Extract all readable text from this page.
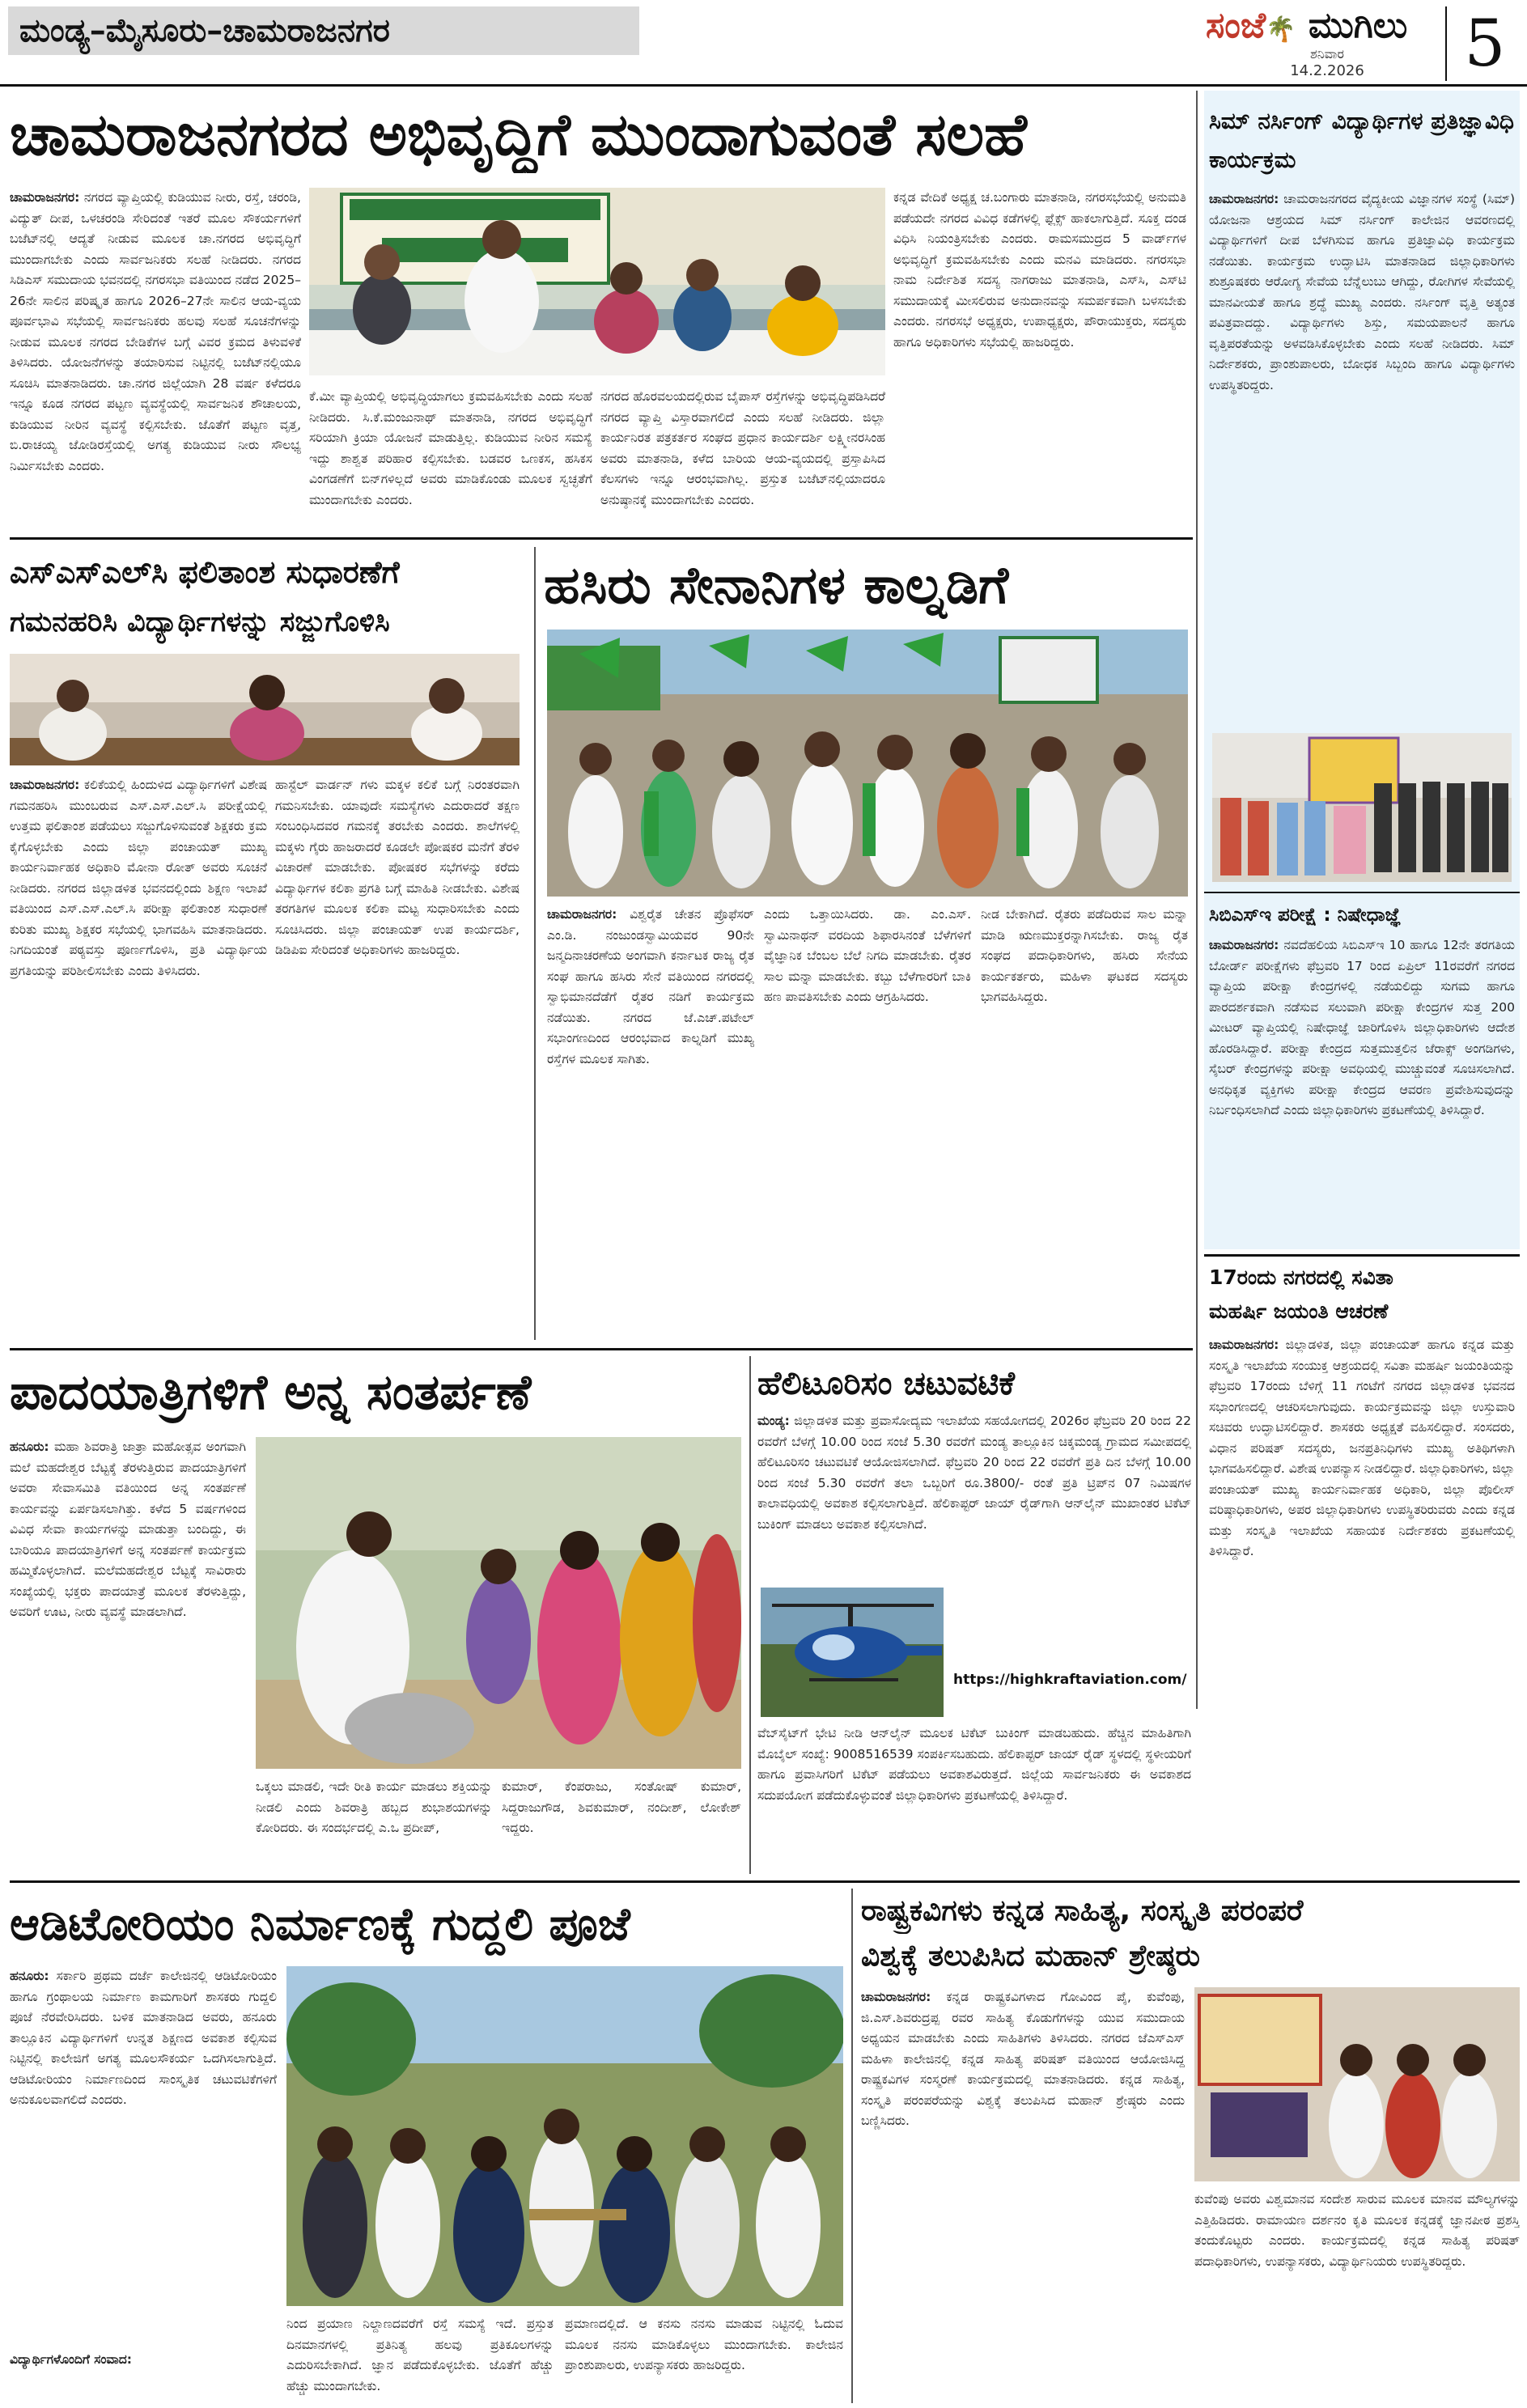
ಮಂಡ್ಯ–ಮೈಸೂರು–ಚಾಮರಾಜನಗರ	ಸಂಜೆ🌴 ಮುಗಿಲು
ಶನಿವಾರ
14.2.2026	5
ಚಾಮರಾಜನಗರದ ಅಭಿವೃದ್ಧಿಗೆ ಮುಂದಾಗುವಂತೆ ಸಲಹೆ
ಚಾಮರಾಜನಗರ: ನಗರದ ವ್ಯಾಪ್ತಿಯಲ್ಲಿ ಕುಡಿಯುವ ನೀರು, ರಸ್ತೆ, ಚರಂಡಿ, ವಿದ್ಯುತ್ ದೀಪ, ಒಳಚರಂಡಿ ಸೇರಿದಂತೆ ಇತರೆ ಮೂಲ ಸೌಕರ್ಯಗಳಿಗೆ ಬಜೆಟ್‌ನಲ್ಲಿ ಆದ್ಯತೆ ನೀಡುವ ಮೂಲಕ ಚಾ.ನಗರದ ಅಭಿವೃದ್ಧಿಗೆ ಮುಂದಾಗಬೇಕು ಎಂದು ಸಾರ್ವಜನಿಕರು ಸಲಹೆ ನೀಡಿದರು. ನಗರದ ಸಿಡಿಎಸ್ ಸಮುದಾಯ ಭವನದಲ್ಲಿ ನಗರಸಭಾ ವತಿಯಿಂದ ನಡೆದ 2025–26ನೇ ಸಾಲಿನ ಪರಿಷ್ಕೃತ ಹಾಗೂ 2026–27ನೇ ಸಾಲಿನ ಆಯ-ವ್ಯಯ ಪೂರ್ವಭಾವಿ ಸಭೆಯಲ್ಲಿ ಸಾರ್ವಜನಿಕರು ಹಲವು ಸಲಹೆ ಸೂಚನೆಗಳನ್ನು ನೀಡುವ ಮೂಲಕ ನಗರದ ಬೇಡಿಕೆಗಳ ಬಗ್ಗೆ ವಿವರ ಕ್ರಮದ ತಿಳುವಳಿಕೆ ತಿಳಿಸಿದರು. ಯೋಜನೆಗಳನ್ನು ತಯಾರಿಸುವ ನಿಟ್ಟಿನಲ್ಲಿ ಬಜೆಟ್‌ನಲ್ಲಿಯೂ ಸೂಚಿಸಿ ಮಾತನಾಡಿದರು. ಚಾ.ನಗರ ಜಿಲ್ಲೆಯಾಗಿ 28 ವರ್ಷ ಕಳೆದರೂ ಇನ್ನೂ ಕೂಡ ನಗರದ ಪಟ್ಟಣ ವ್ಯವಸ್ಥೆಯಲ್ಲಿ ಸಾರ್ವಜನಿಕ ಶೌಚಾಲಯ, ಕುಡಿಯುವ ನೀರಿನ ವ್ಯವಸ್ಥೆ ಕಲ್ಪಿಸಬೇಕು. ಜೊತೆಗೆ ಪಟ್ಟಣ ವೃತ್ತ, ಬಿ.ರಾಚಯ್ಯ ಜೋಡಿರಸ್ತೆಯಲ್ಲಿ ಅಗತ್ಯ ಕುಡಿಯುವ ನೀರು ಸೌಲಭ್ಯ ನಿರ್ಮಿಸಬೇಕು ಎಂದರು.
ಕೆ.ಮೀ ವ್ಯಾಪ್ತಿಯಲ್ಲಿ ಅಭಿವೃದ್ಧಿಯಾಗಲು ಕ್ರಮವಹಿಸಬೇಕು ಎಂದು ಸಲಹೆ ನೀಡಿದರು. ಸಿ.ಕೆ.ಮಂಜುನಾಥ್ ಮಾತನಾಡಿ, ನಗರದ ಅಭಿವೃದ್ಧಿಗೆ ಸರಿಯಾಗಿ ಕ್ರಿಯಾ ಯೋಜನೆ ಮಾಡುತ್ತಿಲ್ಲ. ಕುಡಿಯುವ ನೀರಿನ ಸಮಸ್ಯೆ ಇದ್ದು ಶಾಶ್ವತ ಪರಿಹಾರ ಕಲ್ಪಿಸಬೇಕು. ಬಡವರ ಒಣಕಸ, ಹಸಿಕಸ ವಿಂಗಡಣೆಗೆ ಬಿನ್‌ಗಳಿಲ್ಲದೆ ಅವರು ಮಾಡಿಕೊಂಡು ಮೂಲಕ ಸ್ವಚ್ಛತೆಗೆ ಮುಂದಾಗಬೇಕು ಎಂದರು.
ನಗರದ ಹೊರವಲಯದಲ್ಲಿರುವ ಬೈಪಾಸ್ ರಸ್ತೆಗಳನ್ನು ಅಭಿವೃದ್ಧಿಪಡಿಸಿದರೆ ನಗರದ ವ್ಯಾಪ್ತಿ ವಿಸ್ತಾರವಾಗಲಿದೆ ಎಂದು ಸಲಹೆ ನೀಡಿದರು. ಜಿಲ್ಲಾ ಕಾರ್ಯನಿರತ ಪತ್ರಕರ್ತರ ಸಂಘದ ಪ್ರಧಾನ ಕಾರ್ಯದರ್ಶಿ ಲಕ್ಷ್ಮೀನರಸಿಂಹ ಅವರು ಮಾತನಾಡಿ, ಕಳೆದ ಬಾರಿಯ ಆಯ-ವ್ಯಯದಲ್ಲಿ ಪ್ರಸ್ತಾಪಿಸಿದ ಕೆಲಸಗಳು ಇನ್ನೂ ಆರಂಭವಾಗಿಲ್ಲ. ಪ್ರಸ್ತುತ ಬಜೆಟ್‌ನಲ್ಲಿಯಾದರೂ ಅನುಷ್ಠಾನಕ್ಕೆ ಮುಂದಾಗಬೇಕು ಎಂದರು.
ಕನ್ನಡ ವೇದಿಕೆ ಅಧ್ಯಕ್ಷ ಚ.ಬಂಗಾರು ಮಾತನಾಡಿ, ನಗರಸಭೆಯಲ್ಲಿ ಅನುಮತಿ ಪಡೆಯದೇ ನಗರದ ವಿವಿಧ ಕಡೆಗಳಲ್ಲಿ ಫ್ಲೆಕ್ಸ್ ಹಾಕಲಾಗುತ್ತಿದೆ. ಸೂಕ್ತ ದಂಡ ವಿಧಿಸಿ ನಿಯಂತ್ರಿಸಬೇಕು ಎಂದರು. ರಾಮಸಮುದ್ರದ 5 ವಾರ್ಡ್‌ಗಳ ಅಭಿವೃದ್ಧಿಗೆ ಕ್ರಮವಹಿಸಬೇಕು ಎಂದು ಮನವಿ ಮಾಡಿದರು. ನಗರಸಭಾ ನಾಮ ನಿರ್ದೇಶಿತ ಸದಸ್ಯ ನಾಗರಾಜು ಮಾತನಾಡಿ, ಎಸ್‌ಸಿ, ಎಸ್‌ಟಿ ಸಮುದಾಯಕ್ಕೆ ಮೀಸಲಿರುವ ಅನುದಾನವನ್ನು ಸಮರ್ಪಕವಾಗಿ ಬಳಸಬೇಕು ಎಂದರು. ನಗರಸಭೆ ಅಧ್ಯಕ್ಷರು, ಉಪಾಧ್ಯಕ್ಷರು, ಪೌರಾಯುಕ್ತರು, ಸದಸ್ಯರು ಹಾಗೂ ಅಧಿಕಾರಿಗಳು ಸಭೆಯಲ್ಲಿ ಹಾಜರಿದ್ದರು.
ಸಿಮ್ ನರ್ಸಿಂಗ್ ವಿದ್ಯಾರ್ಥಿಗಳ ಪ್ರತಿಜ್ಞಾವಿಧಿ ಕಾರ್ಯಕ್ರಮ
ಚಾಮರಾಜನಗರ: ಚಾಮರಾಜನಗರದ ವೈದ್ಯಕೀಯ ವಿಜ್ಞಾನಗಳ ಸಂಸ್ಥೆ (ಸಿಮ್) ಯೋಜನಾ ಆಶ್ರಯದ ಸಿಮ್ ನರ್ಸಿಂಗ್ ಕಾಲೇಜಿನ ಆವರಣದಲ್ಲಿ ವಿದ್ಯಾರ್ಥಿಗಳಿಗೆ ದೀಪ ಬೆಳಗಿಸುವ ಹಾಗೂ ಪ್ರತಿಜ್ಞಾವಿಧಿ ಕಾರ್ಯಕ್ರಮ ನಡೆಯಿತು. ಕಾರ್ಯಕ್ರಮ ಉದ್ಘಾಟಿಸಿ ಮಾತನಾಡಿದ ಜಿಲ್ಲಾಧಿಕಾರಿಗಳು ಶುಶ್ರೂಷಕರು ಆರೋಗ್ಯ ಸೇವೆಯ ಬೆನ್ನೆಲುಬು ಆಗಿದ್ದು, ರೋಗಿಗಳ ಸೇವೆಯಲ್ಲಿ ಮಾನವೀಯತೆ ಹಾಗೂ ಶ್ರದ್ಧೆ ಮುಖ್ಯ ಎಂದರು. ನರ್ಸಿಂಗ್ ವೃತ್ತಿ ಅತ್ಯಂತ ಪವಿತ್ರವಾದದ್ದು. ವಿದ್ಯಾರ್ಥಿಗಳು ಶಿಸ್ತು, ಸಮಯಪಾಲನೆ ಹಾಗೂ ವೃತ್ತಿಪರತೆಯನ್ನು ಅಳವಡಿಸಿಕೊಳ್ಳಬೇಕು ಎಂದು ಸಲಹೆ ನೀಡಿದರು. ಸಿಮ್ ನಿರ್ದೇಶಕರು, ಪ್ರಾಂಶುಪಾಲರು, ಬೋಧಕ ಸಿಬ್ಬಂದಿ ಹಾಗೂ ವಿದ್ಯಾರ್ಥಿಗಳು ಉಪಸ್ಥಿತರಿದ್ದರು.
ಸಿಬಿಎಸ್‌ಇ ಪರೀಕ್ಷೆ : ನಿಷೇಧಾಜ್ಞೆ
ಚಾಮರಾಜನಗರ: ನವದೆಹಲಿಯ ಸಿಬಿಎಸ್‌ಇ 10 ಹಾಗೂ 12ನೇ ತರಗತಿಯ ಬೋರ್ಡ್ ಪರೀಕ್ಷೆಗಳು ಫೆಬ್ರವರಿ 17 ರಿಂದ ಏಪ್ರಿಲ್ 11ರವರೆಗೆ ನಗರದ ವ್ಯಾಪ್ತಿಯ ಪರೀಕ್ಷಾ ಕೇಂದ್ರಗಳಲ್ಲಿ ನಡೆಯಲಿದ್ದು ಸುಗಮ ಹಾಗೂ ಪಾರದರ್ಶಕವಾಗಿ ನಡೆಸುವ ಸಲುವಾಗಿ ಪರೀಕ್ಷಾ ಕೇಂದ್ರಗಳ ಸುತ್ತ 200 ಮೀಟರ್ ವ್ಯಾಪ್ತಿಯಲ್ಲಿ ನಿಷೇಧಾಜ್ಞೆ ಜಾರಿಗೊಳಿಸಿ ಜಿಲ್ಲಾಧಿಕಾರಿಗಳು ಆದೇಶ ಹೊರಡಿಸಿದ್ದಾರೆ. ಪರೀಕ್ಷಾ ಕೇಂದ್ರದ ಸುತ್ತಮುತ್ತಲಿನ ಜೆರಾಕ್ಸ್ ಅಂಗಡಿಗಳು, ಸೈಬರ್ ಕೇಂದ್ರಗಳನ್ನು ಪರೀಕ್ಷಾ ಅವಧಿಯಲ್ಲಿ ಮುಚ್ಚುವಂತೆ ಸೂಚಿಸಲಾಗಿದೆ. ಅನಧಿಕೃತ ವ್ಯಕ್ತಿಗಳು ಪರೀಕ್ಷಾ ಕೇಂದ್ರದ ಆವರಣ ಪ್ರವೇಶಿಸುವುದನ್ನು ನಿರ್ಬಂಧಿಸಲಾಗಿದೆ ಎಂದು ಜಿಲ್ಲಾಧಿಕಾರಿಗಳು ಪ್ರಕಟಣೆಯಲ್ಲಿ ತಿಳಿಸಿದ್ದಾರೆ.
17ರಂದು ನಗರದಲ್ಲಿ ಸವಿತಾ
ಮಹರ್ಷಿ ಜಯಂತಿ ಆಚರಣೆ
ಚಾಮರಾಜನಗರ: ಜಿಲ್ಲಾಡಳಿತ, ಜಿಲ್ಲಾ ಪಂಚಾಯತ್ ಹಾಗೂ ಕನ್ನಡ ಮತ್ತು ಸಂಸ್ಕೃತಿ ಇಲಾಖೆಯ ಸಂಯುಕ್ತ ಆಶ್ರಯದಲ್ಲಿ ಸವಿತಾ ಮಹರ್ಷಿ ಜಯಂತಿಯನ್ನು ಫೆಬ್ರವರಿ 17ರಂದು ಬೆಳಿಗ್ಗೆ 11 ಗಂಟೆಗೆ ನಗರದ ಜಿಲ್ಲಾಡಳಿತ ಭವನದ ಸಭಾಂಗಣದಲ್ಲಿ ಆಚರಿಸಲಾಗುವುದು. ಕಾರ್ಯಕ್ರಮವನ್ನು ಜಿಲ್ಲಾ ಉಸ್ತುವಾರಿ ಸಚಿವರು ಉದ್ಘಾಟಿಸಲಿದ್ದಾರೆ. ಶಾಸಕರು ಅಧ್ಯಕ್ಷತೆ ವಹಿಸಲಿದ್ದಾರೆ. ಸಂಸದರು, ವಿಧಾನ ಪರಿಷತ್ ಸದಸ್ಯರು, ಜನಪ್ರತಿನಿಧಿಗಳು ಮುಖ್ಯ ಅತಿಥಿಗಳಾಗಿ ಭಾಗವಹಿಸಲಿದ್ದಾರೆ. ವಿಶೇಷ ಉಪನ್ಯಾಸ ನೀಡಲಿದ್ದಾರೆ. ಜಿಲ್ಲಾಧಿಕಾರಿಗಳು, ಜಿಲ್ಲಾ ಪಂಚಾಯತ್ ಮುಖ್ಯ ಕಾರ್ಯನಿರ್ವಾಹಕ ಅಧಿಕಾರಿ, ಜಿಲ್ಲಾ ಪೊಲೀಸ್ ವರಿಷ್ಠಾಧಿಕಾರಿಗಳು, ಅಪರ ಜಿಲ್ಲಾಧಿಕಾರಿಗಳು ಉಪಸ್ಥಿತರಿರುವರು ಎಂದು ಕನ್ನಡ ಮತ್ತು ಸಂಸ್ಕೃತಿ ಇಲಾಖೆಯ ಸಹಾಯಕ ನಿರ್ದೇಶಕರು ಪ್ರಕಟಣೆಯಲ್ಲಿ ತಿಳಿಸಿದ್ದಾರೆ.
ಎಸ್‌ಎಸ್‌ಎಲ್‌ಸಿ ಫಲಿತಾಂಶ ಸುಧಾರಣೆಗೆ
ಗಮನಹರಿಸಿ ವಿದ್ಯಾರ್ಥಿಗಳನ್ನು ಸಜ್ಜುಗೊಳಿಸಿ
ಚಾಮರಾಜನಗರ: ಕಲಿಕೆಯಲ್ಲಿ ಹಿಂದುಳಿದ ವಿದ್ಯಾರ್ಥಿಗಳಿಗೆ ವಿಶೇಷ ಗಮನಹರಿಸಿ ಮುಂಬರುವ ಎಸ್.ಎಸ್.ಎಲ್.ಸಿ ಪರೀಕ್ಷೆಯಲ್ಲಿ ಉತ್ತಮ ಫಲಿತಾಂಶ ಪಡೆಯಲು ಸಜ್ಜುಗೊಳಿಸುವಂತೆ ಶಿಕ್ಷಕರು ಕ್ರಮ ಕೈಗೊಳ್ಳಬೇಕು ಎಂದು ಜಿಲ್ಲಾ ಪಂಚಾಯತ್ ಮುಖ್ಯ ಕಾರ್ಯನಿರ್ವಾಹಕ ಅಧಿಕಾರಿ ಮೋನಾ ರೋತ್ ಅವರು ಸೂಚನೆ ನೀಡಿದರು. ನಗರದ ಜಿಲ್ಲಾಡಳಿತ ಭವನದಲ್ಲಿಂದು ಶಿಕ್ಷಣ ಇಲಾಖೆ ವತಿಯಿಂದ ಎಸ್.ಎಸ್.ಎಲ್.ಸಿ ಪರೀಕ್ಷಾ ಫಲಿತಾಂಶ ಸುಧಾರಣೆ ಕುರಿತು ಮುಖ್ಯ ಶಿಕ್ಷಕರ ಸಭೆಯಲ್ಲಿ ಭಾಗವಹಿಸಿ ಮಾತನಾಡಿದರು. ನಿಗದಿಯಂತೆ ಪಠ್ಯವಸ್ತು ಪೂರ್ಣಗೊಳಿಸಿ, ಪ್ರತಿ ವಿದ್ಯಾರ್ಥಿಯ ಪ್ರಗತಿಯನ್ನು ಪರಿಶೀಲಿಸಬೇಕು ಎಂದು ತಿಳಿಸಿದರು.
ಹಾಸ್ಟೆಲ್ ವಾರ್ಡನ್ ಗಳು ಮಕ್ಕಳ ಕಲಿಕೆ ಬಗ್ಗೆ ನಿರಂತರವಾಗಿ ಗಮನಿಸಬೇಕು. ಯಾವುದೇ ಸಮಸ್ಯೆಗಳು ಎದುರಾದರೆ ತಕ್ಷಣ ಸಂಬಂಧಿಸಿದವರ ಗಮನಕ್ಕೆ ತರಬೇಕು ಎಂದರು. ಶಾಲೆಗಳಲ್ಲಿ ಮಕ್ಕಳು ಗೈರು ಹಾಜರಾದರೆ ಕೂಡಲೇ ಪೋಷಕರ ಮನೆಗೆ ತೆರಳಿ ವಿಚಾರಣೆ ಮಾಡಬೇಕು. ಪೋಷಕರ ಸಭೆಗಳನ್ನು ಕರೆದು ವಿದ್ಯಾರ್ಥಿಗಳ ಕಲಿಕಾ ಪ್ರಗತಿ ಬಗ್ಗೆ ಮಾಹಿತಿ ನೀಡಬೇಕು. ವಿಶೇಷ ತರಗತಿಗಳ ಮೂಲಕ ಕಲಿಕಾ ಮಟ್ಟ ಸುಧಾರಿಸಬೇಕು ಎಂದು ಸೂಚಿಸಿದರು. ಜಿಲ್ಲಾ ಪಂಚಾಯತ್ ಉಪ ಕಾರ್ಯದರ್ಶಿ, ಡಿಡಿಪಿಐ ಸೇರಿದಂತೆ ಅಧಿಕಾರಿಗಳು ಹಾಜರಿದ್ದರು.
ಹಸಿರು ಸೇನಾನಿಗಳ ಕಾಲ್ನಡಿಗೆ
ಚಾಮರಾಜನಗರ: ವಿಶ್ವರೈತ ಚೇತನ ಪ್ರೊಫೆಸರ್ ಎಂ.ಡಿ. ನಂಜುಂಡಸ್ವಾಮಿಯವರ 90ನೇ ಜನ್ಮದಿನಾಚರಣೆಯ ಅಂಗವಾಗಿ ಕರ್ನಾಟಕ ರಾಜ್ಯ ರೈತ ಸಂಘ ಹಾಗೂ ಹಸಿರು ಸೇನೆ ವತಿಯಿಂದ ನಗರದಲ್ಲಿ ಸ್ವಾಭಿಮಾನದೆಡೆಗೆ ರೈತರ ನಡಿಗೆ ಕಾರ್ಯಕ್ರಮ ನಡೆಯಿತು. ನಗರದ ಜೆ.ಎಚ್.ಪಟೇಲ್ ಸಭಾಂಗಣದಿಂದ ಆರಂಭವಾದ ಕಾಲ್ನಡಿಗೆ ಮುಖ್ಯ ರಸ್ತೆಗಳ ಮೂಲಕ ಸಾಗಿತು.
ಎಂದು ಒತ್ತಾಯಿಸಿದರು. ಡಾ. ಎಂ.ಎಸ್. ಸ್ವಾಮಿನಾಥನ್ ವರದಿಯ ಶಿಫಾರಸಿನಂತೆ ಬೆಳೆಗಳಿಗೆ ವೈಜ್ಞಾನಿಕ ಬೆಂಬಲ ಬೆಲೆ ನಿಗದಿ ಮಾಡಬೇಕು. ರೈತರ ಸಾಲ ಮನ್ನಾ ಮಾಡಬೇಕು. ಕಬ್ಬು ಬೆಳೆಗಾರರಿಗೆ ಬಾಕಿ ಹಣ ಪಾವತಿಸಬೇಕು ಎಂದು ಆಗ್ರಹಿಸಿದರು.
ನೀಡ ಬೇಕಾಗಿದೆ. ರೈತರು ಪಡೆದಿರುವ ಸಾಲ ಮನ್ನಾ ಮಾಡಿ ಋಣಮುಕ್ತರನ್ನಾಗಿಸಬೇಕು. ರಾಜ್ಯ ರೈತ ಸಂಘದ ಪದಾಧಿಕಾರಿಗಳು, ಹಸಿರು ಸೇನೆಯ ಕಾರ್ಯಕರ್ತರು, ಮಹಿಳಾ ಘಟಕದ ಸದಸ್ಯರು ಭಾಗವಹಿಸಿದ್ದರು.
ಪಾದಯಾತ್ರಿಗಳಿಗೆ ಅನ್ನ ಸಂತರ್ಪಣೆ
ಹನೂರು: ಮಹಾ ಶಿವರಾತ್ರಿ ಜಾತ್ರಾ ಮಹೋತ್ಸವ ಅಂಗವಾಗಿ ಮಲೆ ಮಹದೇಶ್ವರ ಬೆಟ್ಟಕ್ಕೆ ತೆರಳುತ್ತಿರುವ ಪಾದಯಾತ್ರಿಗಳಿಗೆ ಅವರಾ ಸೇವಾಸಮಿತಿ ವತಿಯಿಂದ ಅನ್ನ ಸಂತರ್ಪಣೆ ಕಾರ್ಯವನ್ನು ಏರ್ಪಡಿಸಲಾಗಿತ್ತು. ಕಳೆದ 5 ವರ್ಷಗಳಿಂದ ವಿವಿಧ ಸೇವಾ ಕಾರ್ಯಗಳನ್ನು ಮಾಡುತ್ತಾ ಬಂದಿದ್ದು, ಈ ಬಾರಿಯೂ ಪಾದಯಾತ್ರಿಗಳಿಗೆ ಅನ್ನ ಸಂತರ್ಪಣೆ ಕಾರ್ಯಕ್ರಮ ಹಮ್ಮಿಕೊಳ್ಳಲಾಗಿದೆ. ಮಲೆಮಹದೇಶ್ವರ ಬೆಟ್ಟಕ್ಕೆ ಸಾವಿರಾರು ಸಂಖ್ಯೆಯಲ್ಲಿ ಭಕ್ತರು ಪಾದಯಾತ್ರೆ ಮೂಲಕ ತೆರಳುತ್ತಿದ್ದು, ಅವರಿಗೆ ಊಟ, ನೀರು ವ್ಯವಸ್ಥೆ ಮಾಡಲಾಗಿದೆ.
ಒಕ್ಕಲು ಮಾಡಲಿ, ಇದೇ ರೀತಿ ಕಾರ್ಯ ಮಾಡಲು ಶಕ್ತಿಯನ್ನು ನೀಡಲಿ ಎಂದು ಶಿವರಾತ್ರಿ ಹಬ್ಬದ ಶುಭಾಶಯಗಳನ್ನು ಕೋರಿದರು. ಈ ಸಂದರ್ಭದಲ್ಲಿ ಎ.ಒ ಪ್ರದೀಪ್,
ಕುಮಾರ್, ಕೆಂಪರಾಜು, ಸಂತೋಷ್ ಕುಮಾರ್, ಸಿದ್ದರಾಜುಗೌಡ, ಶಿವಕುಮಾರ್, ನಂದೀಶ್, ಲೋಕೇಶ್ ಇದ್ದರು.
ಹೆಲಿಟೂರಿಸಂ ಚಟುವಟಿಕೆ
ಮಂಡ್ಯ: ಜಿಲ್ಲಾಡಳಿತ ಮತ್ತು ಪ್ರವಾಸೋದ್ಯಮ ಇಲಾಖೆಯ ಸಹಯೋಗದಲ್ಲಿ 2026ರ ಫೆಬ್ರವರಿ 20 ರಿಂದ 22 ರವರೆಗೆ ಬೆಳಗ್ಗೆ 10.00 ರಿಂದ ಸಂಜೆ 5.30 ರವರೆಗೆ ಮಂಡ್ಯ ತಾಲ್ಲೂಕಿನ ಚಿಕ್ಕಮಂಡ್ಯ ಗ್ರಾಮದ ಸಮೀಪದಲ್ಲಿ ಹೆಲಿಟೂರಿಸಂ ಚಟುವಟಿಕೆ ಆಯೋಜಿಸಲಾಗಿದೆ. ಫೆಬ್ರವರಿ 20 ರಿಂದ 22 ರವರೆಗೆ ಪ್ರತಿ ದಿನ ಬೆಳಗ್ಗೆ 10.00 ರಿಂದ ಸಂಜೆ 5.30 ರವರೆಗೆ ತಲಾ ಒಬ್ಬರಿಗೆ ರೂ.3800/- ರಂತೆ ಪ್ರತಿ ಟ್ರಿಪ್‌ನ 07 ನಿಮಿಷಗಳ ಕಾಲಾವಧಿಯಲ್ಲಿ ಅವಕಾಶ ಕಲ್ಪಿಸಲಾಗುತ್ತಿದೆ. ಹೆಲಿಕಾಪ್ಟರ್ ಜಾಯ್ ರೈಡ್‌ಗಾಗಿ ಆನ್‌ಲೈನ್ ಮುಖಾಂತರ ಟಿಕೆಟ್ ಬುಕಿಂಗ್ ಮಾಡಲು ಅವಕಾಶ ಕಲ್ಪಿಸಲಾಗಿದೆ.
https://highkraftaviation.com/
ವೆಬ್‌ಸೈಟ್‌ಗೆ ಭೇಟಿ ನೀಡಿ ಆನ್‌ಲೈನ್ ಮೂಲಕ ಟಿಕೆಟ್ ಬುಕಿಂಗ್ ಮಾಡಬಹುದು. ಹೆಚ್ಚಿನ ಮಾಹಿತಿಗಾಗಿ ಮೊಬೈಲ್ ಸಂಖ್ಯೆ: 9008516539 ಸಂಪರ್ಕಿಸಬಹುದು. ಹೆಲಿಕಾಪ್ಟರ್ ಜಾಯ್ ರೈಡ್ ಸ್ಥಳದಲ್ಲಿ ಸ್ಥಳೀಯರಿಗೆ ಹಾಗೂ ಪ್ರವಾಸಿಗರಿಗೆ ಟಿಕೆಟ್ ಪಡೆಯಲು ಅವಕಾಶವಿರುತ್ತದೆ. ಜಿಲ್ಲೆಯ ಸಾರ್ವಜನಿಕರು ಈ ಅವಕಾಶದ ಸದುಪಯೋಗ ಪಡೆದುಕೊಳ್ಳುವಂತೆ ಜಿಲ್ಲಾಧಿಕಾರಿಗಳು ಪ್ರಕಟಣೆಯಲ್ಲಿ ತಿಳಿಸಿದ್ದಾರೆ.
ಆಡಿಟೋರಿಯಂ ನಿರ್ಮಾಣಕ್ಕೆ ಗುದ್ದಲಿ ಪೂಜೆ
ಹನೂರು: ಸರ್ಕಾರಿ ಪ್ರಥಮ ದರ್ಜೆ ಕಾಲೇಜಿನಲ್ಲಿ ಆಡಿಟೋರಿಯಂ ಹಾಗೂ ಗ್ರಂಥಾಲಯ ನಿರ್ಮಾಣ ಕಾಮಗಾರಿಗೆ ಶಾಸಕರು ಗುದ್ದಲಿ ಪೂಜೆ ನೆರವೇರಿಸಿದರು. ಬಳಿಕ ಮಾತನಾಡಿದ ಅವರು, ಹನೂರು ತಾಲ್ಲೂಕಿನ ವಿದ್ಯಾರ್ಥಿಗಳಿಗೆ ಉನ್ನತ ಶಿಕ್ಷಣದ ಅವಕಾಶ ಕಲ್ಪಿಸುವ ನಿಟ್ಟಿನಲ್ಲಿ ಕಾಲೇಜಿಗೆ ಅಗತ್ಯ ಮೂಲಸೌಕರ್ಯ ಒದಗಿಸಲಾಗುತ್ತಿದೆ. ಆಡಿಟೋರಿಯಂ ನಿರ್ಮಾಣದಿಂದ ಸಾಂಸ್ಕೃತಿಕ ಚಟುವಟಿಕೆಗಳಿಗೆ ಅನುಕೂಲವಾಗಲಿದೆ ಎಂದರು.
ವಿದ್ಯಾರ್ಥಿಗಳೊಂದಿಗೆ ಸಂವಾದ:
ನಿಂದ ಪ್ರಯಾಣ ನಿಲ್ದಾಣದವರೆಗೆ ರಸ್ತೆ ಸಮಸ್ಯೆ ಇದೆ. ಪ್ರಸ್ತುತ ದಿನಮಾನಗಳಲ್ಲಿ ಪ್ರತಿನಿತ್ಯ ಹಲವು ಪ್ರತಿಕೂಲಗಳನ್ನು ಎದುರಿಸಬೇಕಾಗಿದೆ. ಜ್ಞಾನ ಪಡೆದುಕೊಳ್ಳಬೇಕು. ಜೊತೆಗೆ ಹೆಚ್ಚು ಹೆಚ್ಚು ಮುಂದಾಗಬೇಕು.
ಪ್ರಮಾಣದಲ್ಲಿದೆ. ಆ ಕನಸು ನನಸು ಮಾಡುವ ನಿಟ್ಟಿನಲ್ಲಿ ಓದುವ ಮೂಲಕ ನನಸು ಮಾಡಿಕೊಳ್ಳಲು ಮುಂದಾಗಬೇಕು. ಕಾಲೇಜಿನ ಪ್ರಾಂಶುಪಾಲರು, ಉಪನ್ಯಾಸಕರು ಹಾಜರಿದ್ದರು.
ರಾಷ್ಟ್ರಕವಿಗಳು ಕನ್ನಡ ಸಾಹಿತ್ಯ, ಸಂಸ್ಕೃತಿ ಪರಂಪರೆ
ವಿಶ್ವಕ್ಕೆ ತಲುಪಿಸಿದ ಮಹಾನ್ ಶ್ರೇಷ್ಠರು
ಚಾಮರಾಜನಗರ: ಕನ್ನಡ ರಾಷ್ಟ್ರಕವಿಗಳಾದ ಗೋವಿಂದ ಪೈ, ಕುವೆಂಪು, ಜಿ.ಎಸ್.ಶಿವರುದ್ರಪ್ಪ ರವರ ಸಾಹಿತ್ಯ ಕೊಡುಗೆಗಳನ್ನು ಯುವ ಸಮುದಾಯ ಅಧ್ಯಯನ ಮಾಡಬೇಕು ಎಂದು ಸಾಹಿತಿಗಳು ತಿಳಿಸಿದರು. ನಗರದ ಜೆಎಸ್‌ಎಸ್ ಮಹಿಳಾ ಕಾಲೇಜಿನಲ್ಲಿ ಕನ್ನಡ ಸಾಹಿತ್ಯ ಪರಿಷತ್ ವತಿಯಿಂದ ಆಯೋಜಿಸಿದ್ದ ರಾಷ್ಟ್ರಕವಿಗಳ ಸಂಸ್ಮರಣೆ ಕಾರ್ಯಕ್ರಮದಲ್ಲಿ ಮಾತನಾಡಿದರು. ಕನ್ನಡ ಸಾಹಿತ್ಯ, ಸಂಸ್ಕೃತಿ ಪರಂಪರೆಯನ್ನು ವಿಶ್ವಕ್ಕೆ ತಲುಪಿಸಿದ ಮಹಾನ್ ಶ್ರೇಷ್ಠರು ಎಂದು ಬಣ್ಣಿಸಿದರು.
ಕುವೆಂಪು ಅವರು ವಿಶ್ವಮಾನವ ಸಂದೇಶ ಸಾರುವ ಮೂಲಕ ಮಾನವ ಮೌಲ್ಯಗಳನ್ನು ಎತ್ತಿಹಿಡಿದರು. ರಾಮಾಯಣ ದರ್ಶನಂ ಕೃತಿ ಮೂಲಕ ಕನ್ನಡಕ್ಕೆ ಜ್ಞಾನಪೀಠ ಪ್ರಶಸ್ತಿ ತಂದುಕೊಟ್ಟರು ಎಂದರು. ಕಾರ್ಯಕ್ರಮದಲ್ಲಿ ಕನ್ನಡ ಸಾಹಿತ್ಯ ಪರಿಷತ್ ಪದಾಧಿಕಾರಿಗಳು, ಉಪನ್ಯಾಸಕರು, ವಿದ್ಯಾರ್ಥಿನಿಯರು ಉಪಸ್ಥಿತರಿದ್ದರು.
